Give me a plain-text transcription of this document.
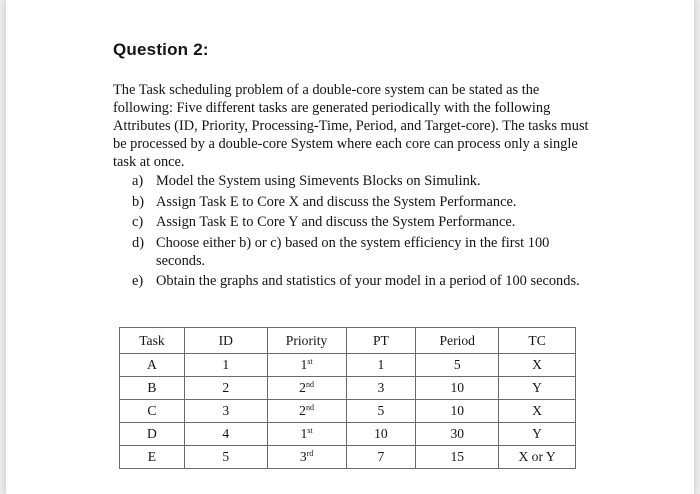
Question 2:

The Task scheduling problem of a double-core system can be stated as the following: Five different tasks are generated periodically with the following Attributes (ID, Priority, Processing-Time, Period, and Target-core). The tasks must be processed by a double-core System where each core can process only a single task at once.

a) Model the System using Simevents Blocks on Simulink.
b) Assign Task E to Core X and discuss the System Performance.
c) Assign Task E to Core Y and discuss the System Performance.
d) Choose either b) or c) based on the system efficiency in the first 100 seconds.
e) Obtain the graphs and statistics of your model in a period of 100 seconds.
Task	ID	Priority	PT	Period	TC
A	1	1st	1	5	X
B	2	2nd	3	10	Y
C	3	2nd	5	10	X
D	4	1st	10	30	Y
E	5	3rd	7	15	X or Y
